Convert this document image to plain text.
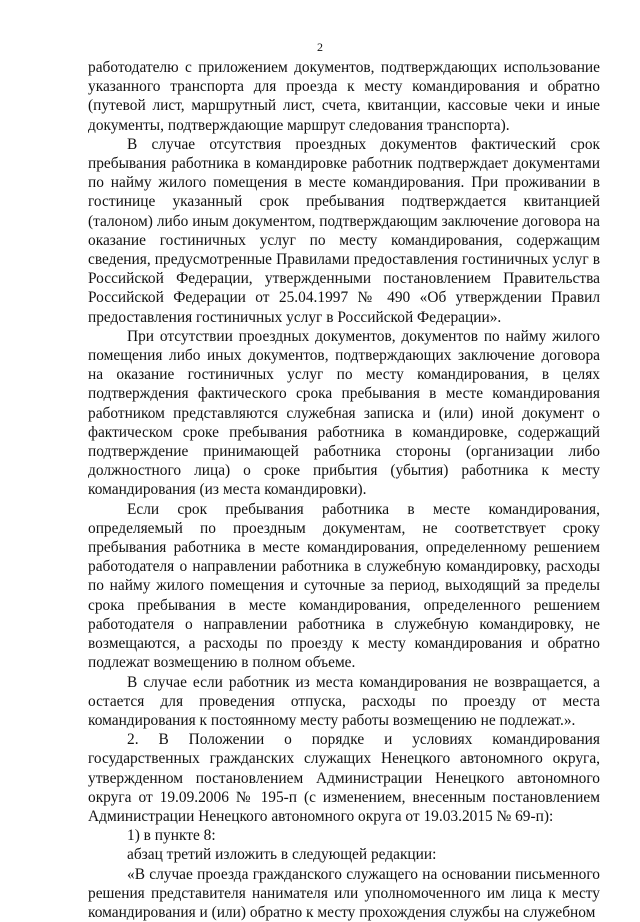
2

работодателю с приложением документов, подтверждающих использование указанного транспорта для проезда к месту командирования и обратно (путевой лист, маршрутный лист, счета, квитанции, кассовые чеки и иные документы, подтверждающие маршрут следования транспорта).

В случае отсутствия проездных документов фактический срок пребывания работника в командировке работник подтверждает документами по найму жилого помещения в месте командирования. При проживании в гостинице указанный срок пребывания подтверждается квитанцией (талоном) либо иным документом, подтверждающим заключение договора на оказание гостиничных услуг по месту командирования, содержащим сведения, предусмотренные Правилами предоставления гостиничных услуг в Российской Федерации, утвержденными постановлением Правительства Российской Федерации от 25.04.1997 № 490 «Об утверждении Правил предоставления гостиничных услуг в Российской Федерации».

При отсутствии проездных документов, документов по найму жилого помещения либо иных документов, подтверждающих заключение договора на оказание гостиничных услуг по месту командирования, в целях подтверждения фактического срока пребывания в месте командирования работником представляются служебная записка и (или) иной документ о фактическом сроке пребывания работника в командировке, содержащий подтверждение принимающей работника стороны (организации либо должностного лица) о сроке прибытия (убытия) работника к месту командирования (из места командировки).

Если срок пребывания работника в месте командирования, определяемый по проездным документам, не соответствует сроку пребывания работника в месте командирования, определенному решением работодателя о направлении работника в служебную командировку, расходы по найму жилого помещения и суточные за период, выходящий за пределы срока пребывания в месте командирования, определенного решением работодателя о направлении работника в служебную командировку, не возмещаются, а расходы по проезду к месту командирования и обратно подлежат возмещению в полном объеме.

В случае если работник из места командирования не возвращается, а остается для проведения отпуска, расходы по проезду от места командирования к постоянному месту работы возмещению не подлежат.».

2. В Положении о порядке и условиях командирования государственных гражданских служащих Ненецкого автономного округа, утвержденном постановлением Администрации Ненецкого автономного округа от 19.09.2006 № 195-п (с изменением, внесенным постановлением Администрации Ненецкого автономного округа от 19.03.2015 № 69-п):

1) в пункте 8:

абзац третий изложить в следующей редакции:

«В случае проезда гражданского служащего на основании письменного решения представителя нанимателя или уполномоченного им лица к месту командирования и (или) обратно к месту прохождения службы на служебном
